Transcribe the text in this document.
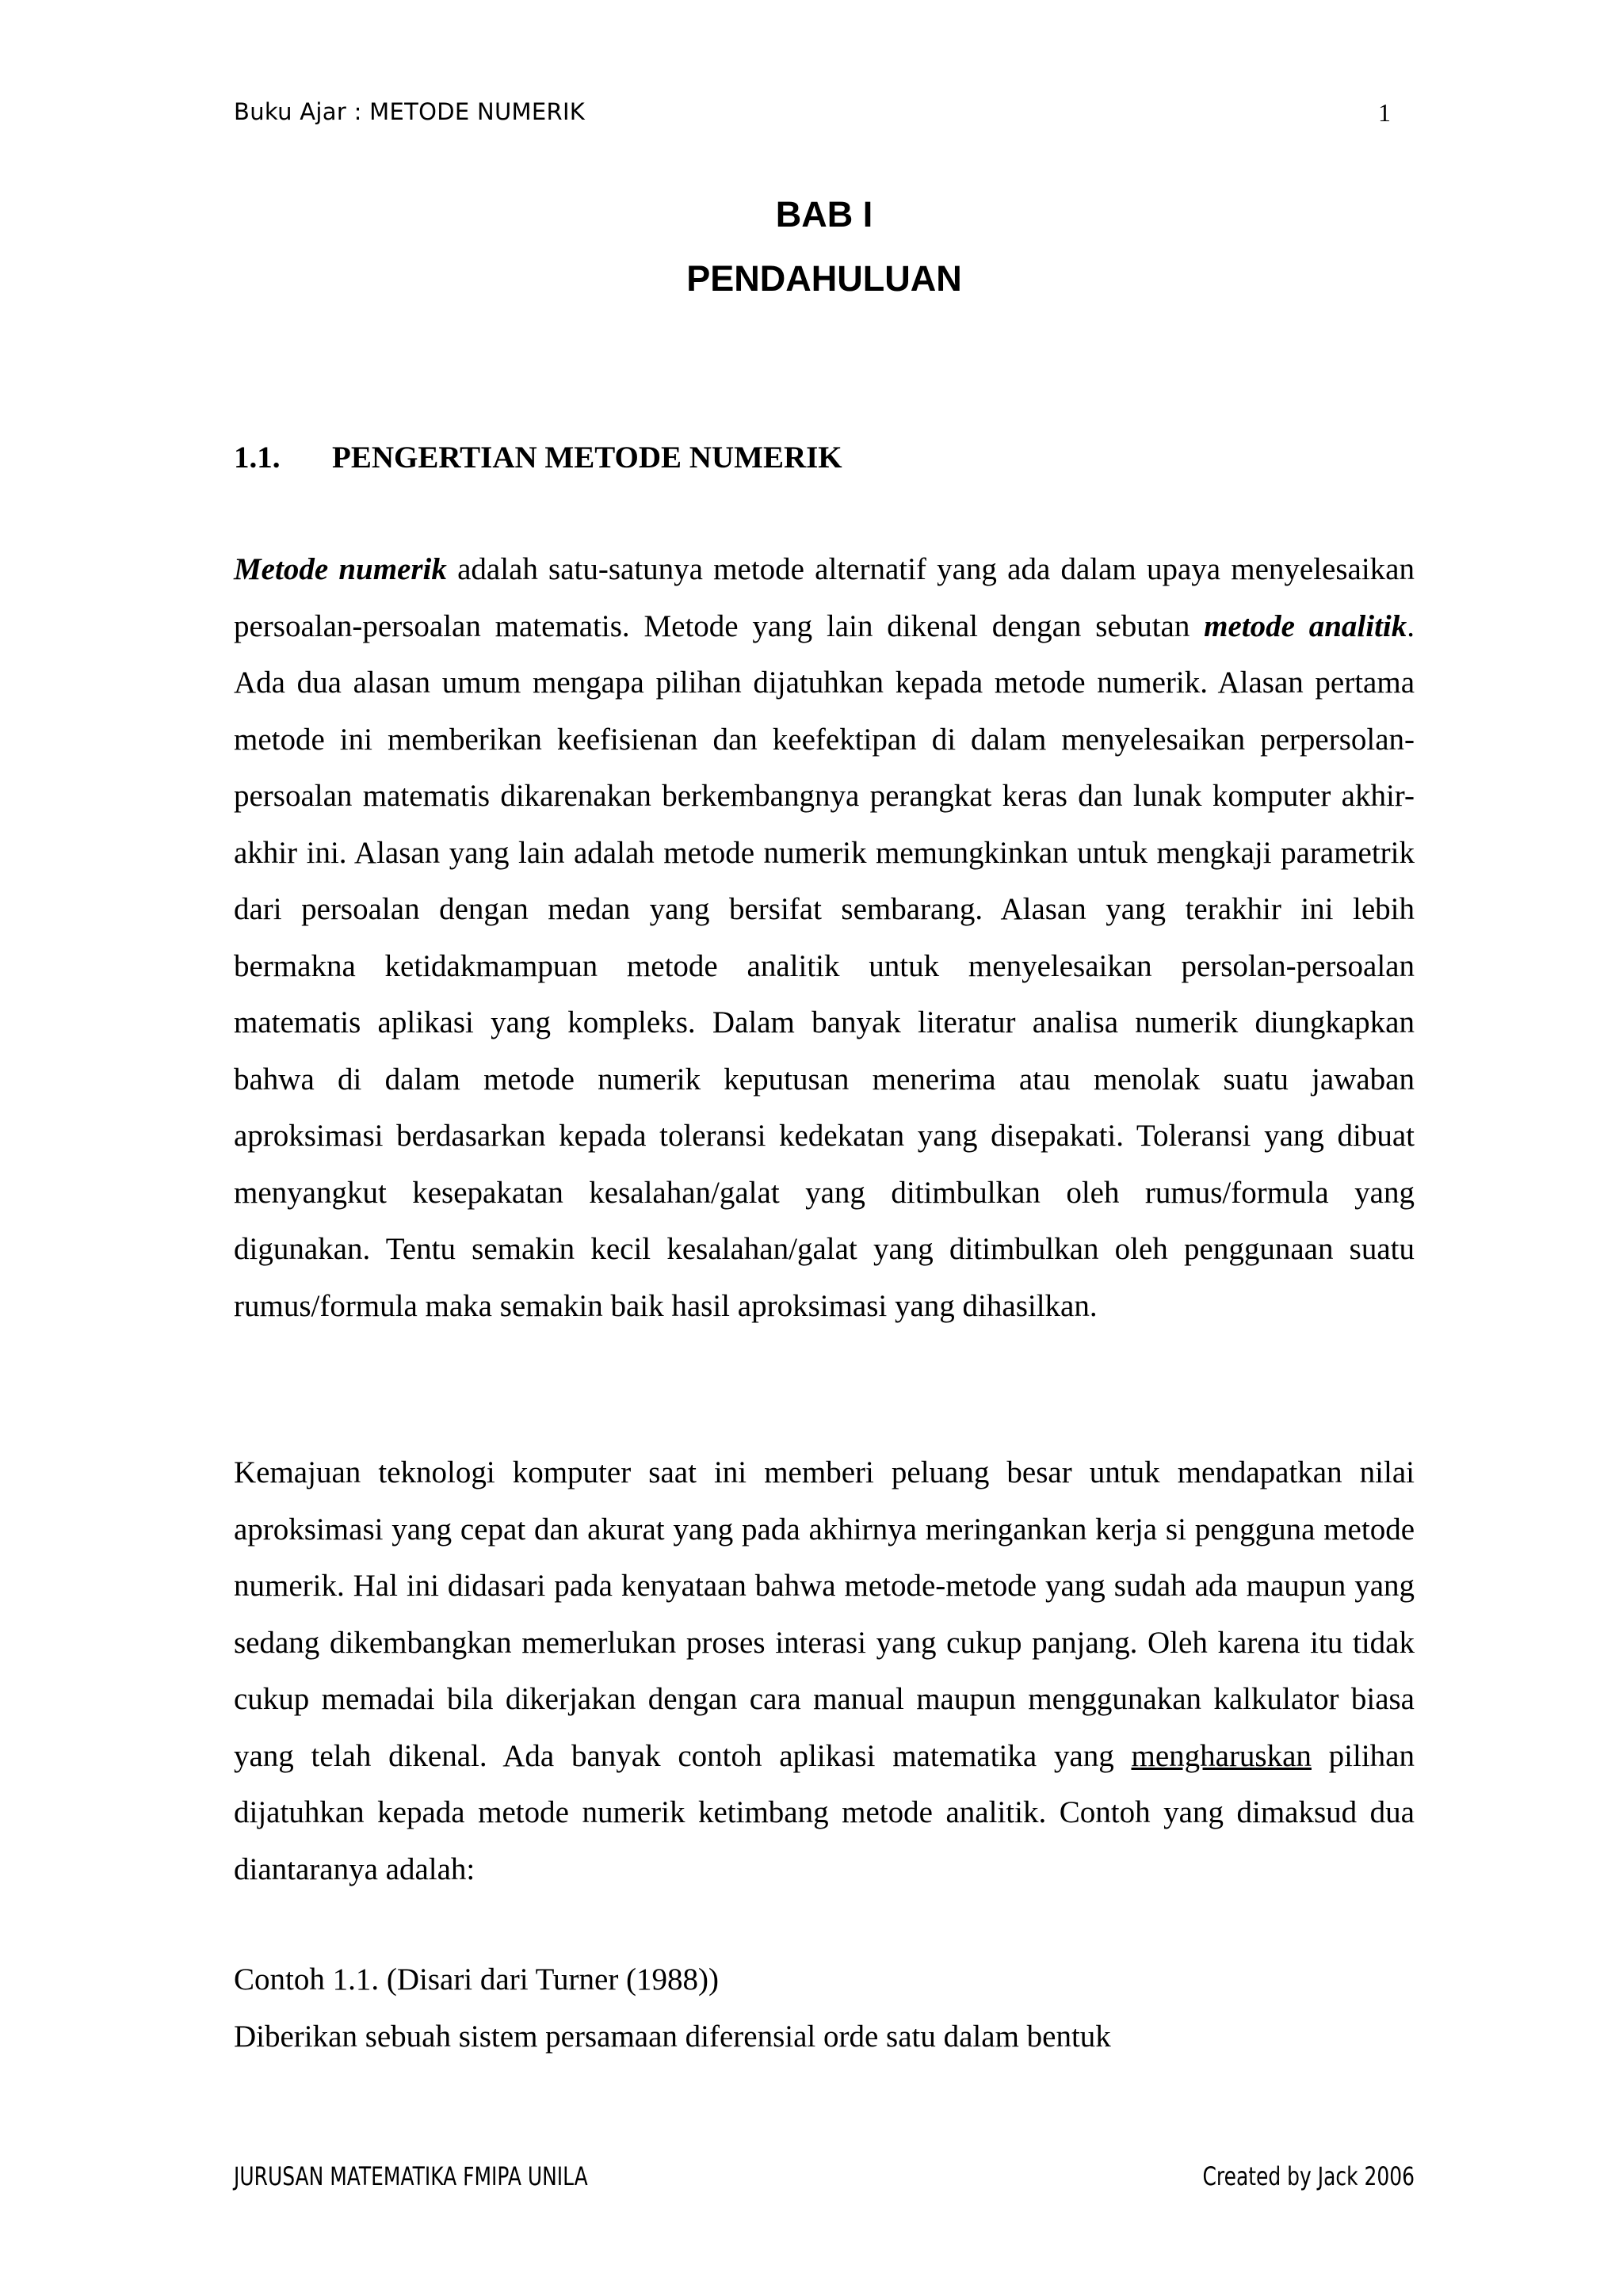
Buku Ajar : METODE NUMERIK	1
BAB I
PENDAHULUAN
1.1. PENGERTIAN METODE NUMERIK

Metode numerik adalah satu-satunya metode alternatif yang ada dalam upaya menyelesaikan persoalan-persoalan matematis. Metode yang lain dikenal dengan sebutan metode analitik. Ada dua alasan umum mengapa pilihan dijatuhkan kepada metode numerik. Alasan pertama metode ini memberikan keefisienan dan keefektipan di dalam menyelesaikan perpersolan-persoalan matematis dikarenakan berkembangnya perangkat keras dan lunak komputer akhir-akhir ini. Alasan yang lain adalah metode numerik memungkinkan untuk mengkaji parametrik dari persoalan dengan medan yang bersifat sembarang. Alasan yang terakhir ini lebih bermakna ketidakmampuan metode analitik untuk menyelesaikan persolan-persoalan matematis aplikasi yang kompleks. Dalam banyak literatur analisa numerik diungkapkan bahwa di dalam metode numerik keputusan menerima atau menolak suatu jawaban aproksimasi berdasarkan kepada toleransi kedekatan yang disepakati. Toleransi yang dibuat menyangkut kesepakatan kesalahan/galat yang ditimbulkan oleh rumus/formula yang digunakan. Tentu semakin kecil kesalahan/galat yang ditimbulkan oleh penggunaan suatu rumus/formula maka semakin baik hasil aproksimasi yang dihasilkan.

Kemajuan teknologi komputer saat ini memberi peluang besar untuk mendapatkan nilai aproksimasi yang cepat dan akurat yang pada akhirnya meringankan kerja si pengguna metode numerik. Hal ini didasari pada kenyataan bahwa metode-metode yang sudah ada maupun yang sedang dikembangkan memerlukan proses interasi yang cukup panjang. Oleh karena itu tidak cukup memadai bila dikerjakan dengan cara manual maupun menggunakan kalkulator biasa yang telah dikenal. Ada banyak contoh aplikasi matematika yang mengharuskan pilihan dijatuhkan kepada metode numerik ketimbang metode analitik. Contoh yang dimaksud dua diantaranya adalah:

Contoh 1.1. (Disari dari Turner (1988))
Diberikan sebuah sistem persamaan diferensial orde satu dalam bentuk
JURUSAN MATEMATIKA FMIPA UNILA	Created by Jack 2006
